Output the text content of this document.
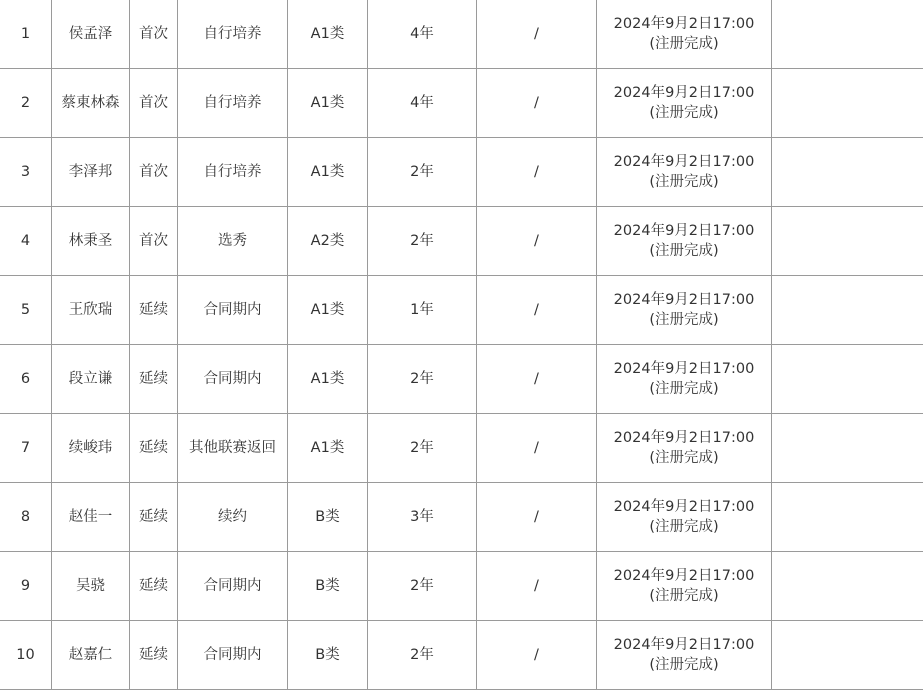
1	侯孟泽	首次	自行培养	A1类	4年	/	2024年9月2日17:00
(注册完成)	

2	蔡東林森	首次	自行培养	A1类	4年	/	2024年9月2日17:00
(注册完成)	

3	李泽邦	首次	自行培养	A1类	2年	/	2024年9月2日17:00
(注册完成)	

4	林秉圣	首次	选秀	A2类	2年	/	2024年9月2日17:00
(注册完成)	

5	王欣瑞	延续	合同期内	A1类	1年	/	2024年9月2日17:00
(注册完成)	

6	段立谦	延续	合同期内	A1类	2年	/	2024年9月2日17:00
(注册完成)	

7	续峻玮	延续	其他联赛返回	A1类	2年	/	2024年9月2日17:00
(注册完成)	

8	赵佳一	延续	续约	B类	3年	/	2024年9月2日17:00
(注册完成)	

9	吴骁	延续	合同期内	B类	2年	/	2024年9月2日17:00
(注册完成)	

10	赵嘉仁	延续	合同期内	B类	2年	/	2024年9月2日17:00
(注册完成)	
